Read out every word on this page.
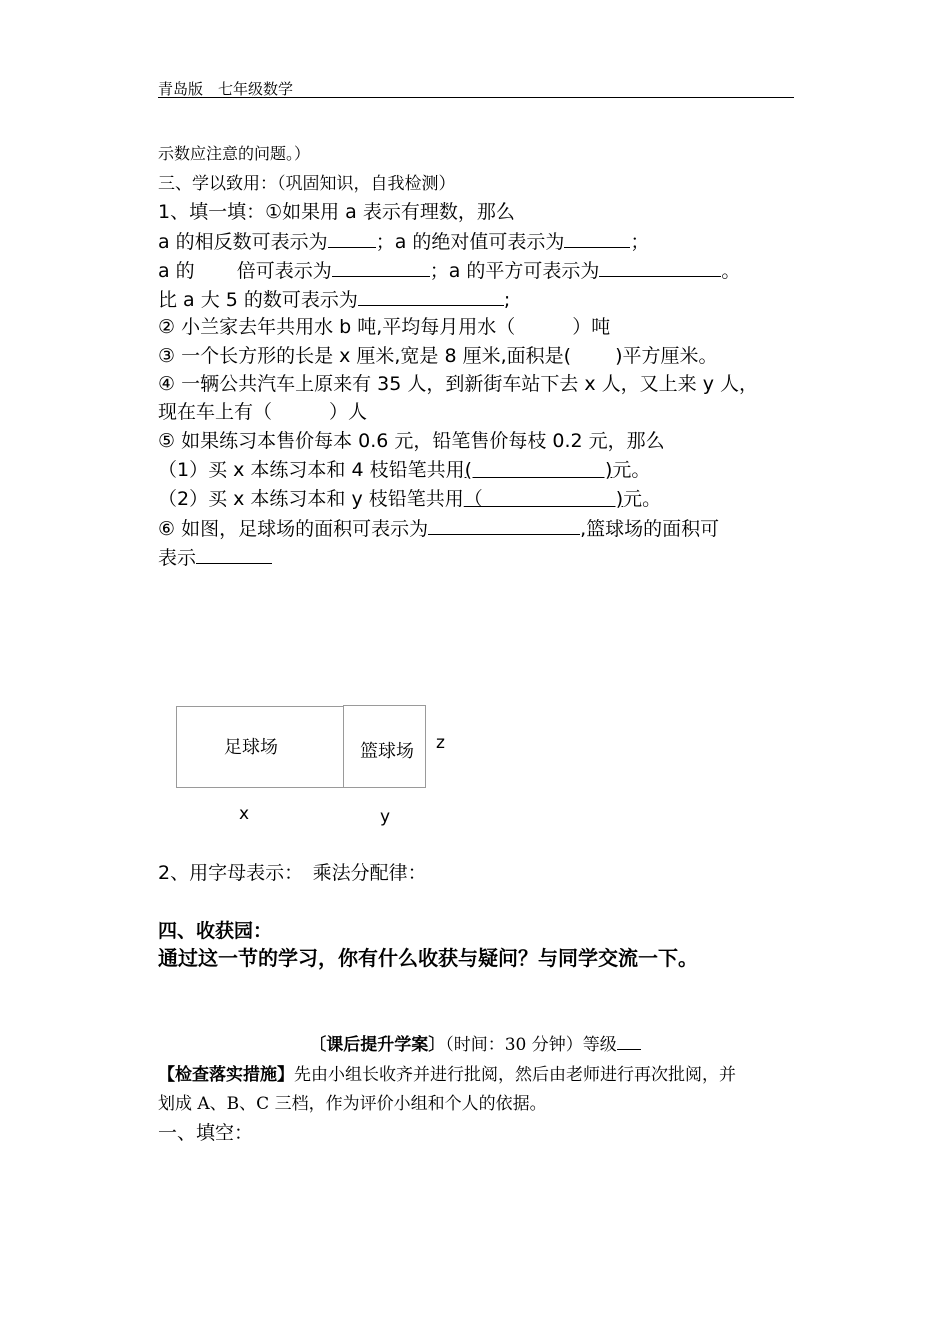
青岛版　七年级数学
示数应注意的问题。）
三、学以致用：（巩固知识，自我检测）
1、填一填：①如果用 a 表示有理数，那么
a 的相反数可表示为	；a 的绝对值可表示为	；
a 的 倍可表示为	；a 的平方可表示为	。
比 a 大 5 的数可表示为	;
② 小兰家去年共用水 b 吨,平均每月用水（　　　）吨
③ 一个长方形的长是 x 厘米,宽是 8 厘米,面积是(　　 )平方厘米。
④ 一辆公共汽车上原来有 35 人，到新街车站下去 x 人，又上来 y 人，
现在车上有（　　　）人
⑤ 如果练习本售价每本 0.6 元，铅笔售价每枝 0.2 元，那么
（1）买 x 本练习本和 4 枝铅笔共用(　　　　　　　)元。
（2）买 x 本练习本和 y 枝铅笔共用（　　　　　　　)元。
⑥ 如图，足球场的面积可表示为	,篮球场的面积可
表示
足球场	篮球场 z
x	y
2、用字母表示：　乘法分配律：
四、收获园：
通过这一节的学习，你有什么收获与疑问？与同学交流一下。
〔课后提升学案〕（时间：30 分钟）等级
【检查落实措施】先由小组长收齐并进行批阅，然后由老师进行再次批阅，并
划成 A、B、C 三档，作为评价小组和个人的依据。
一、填空：
